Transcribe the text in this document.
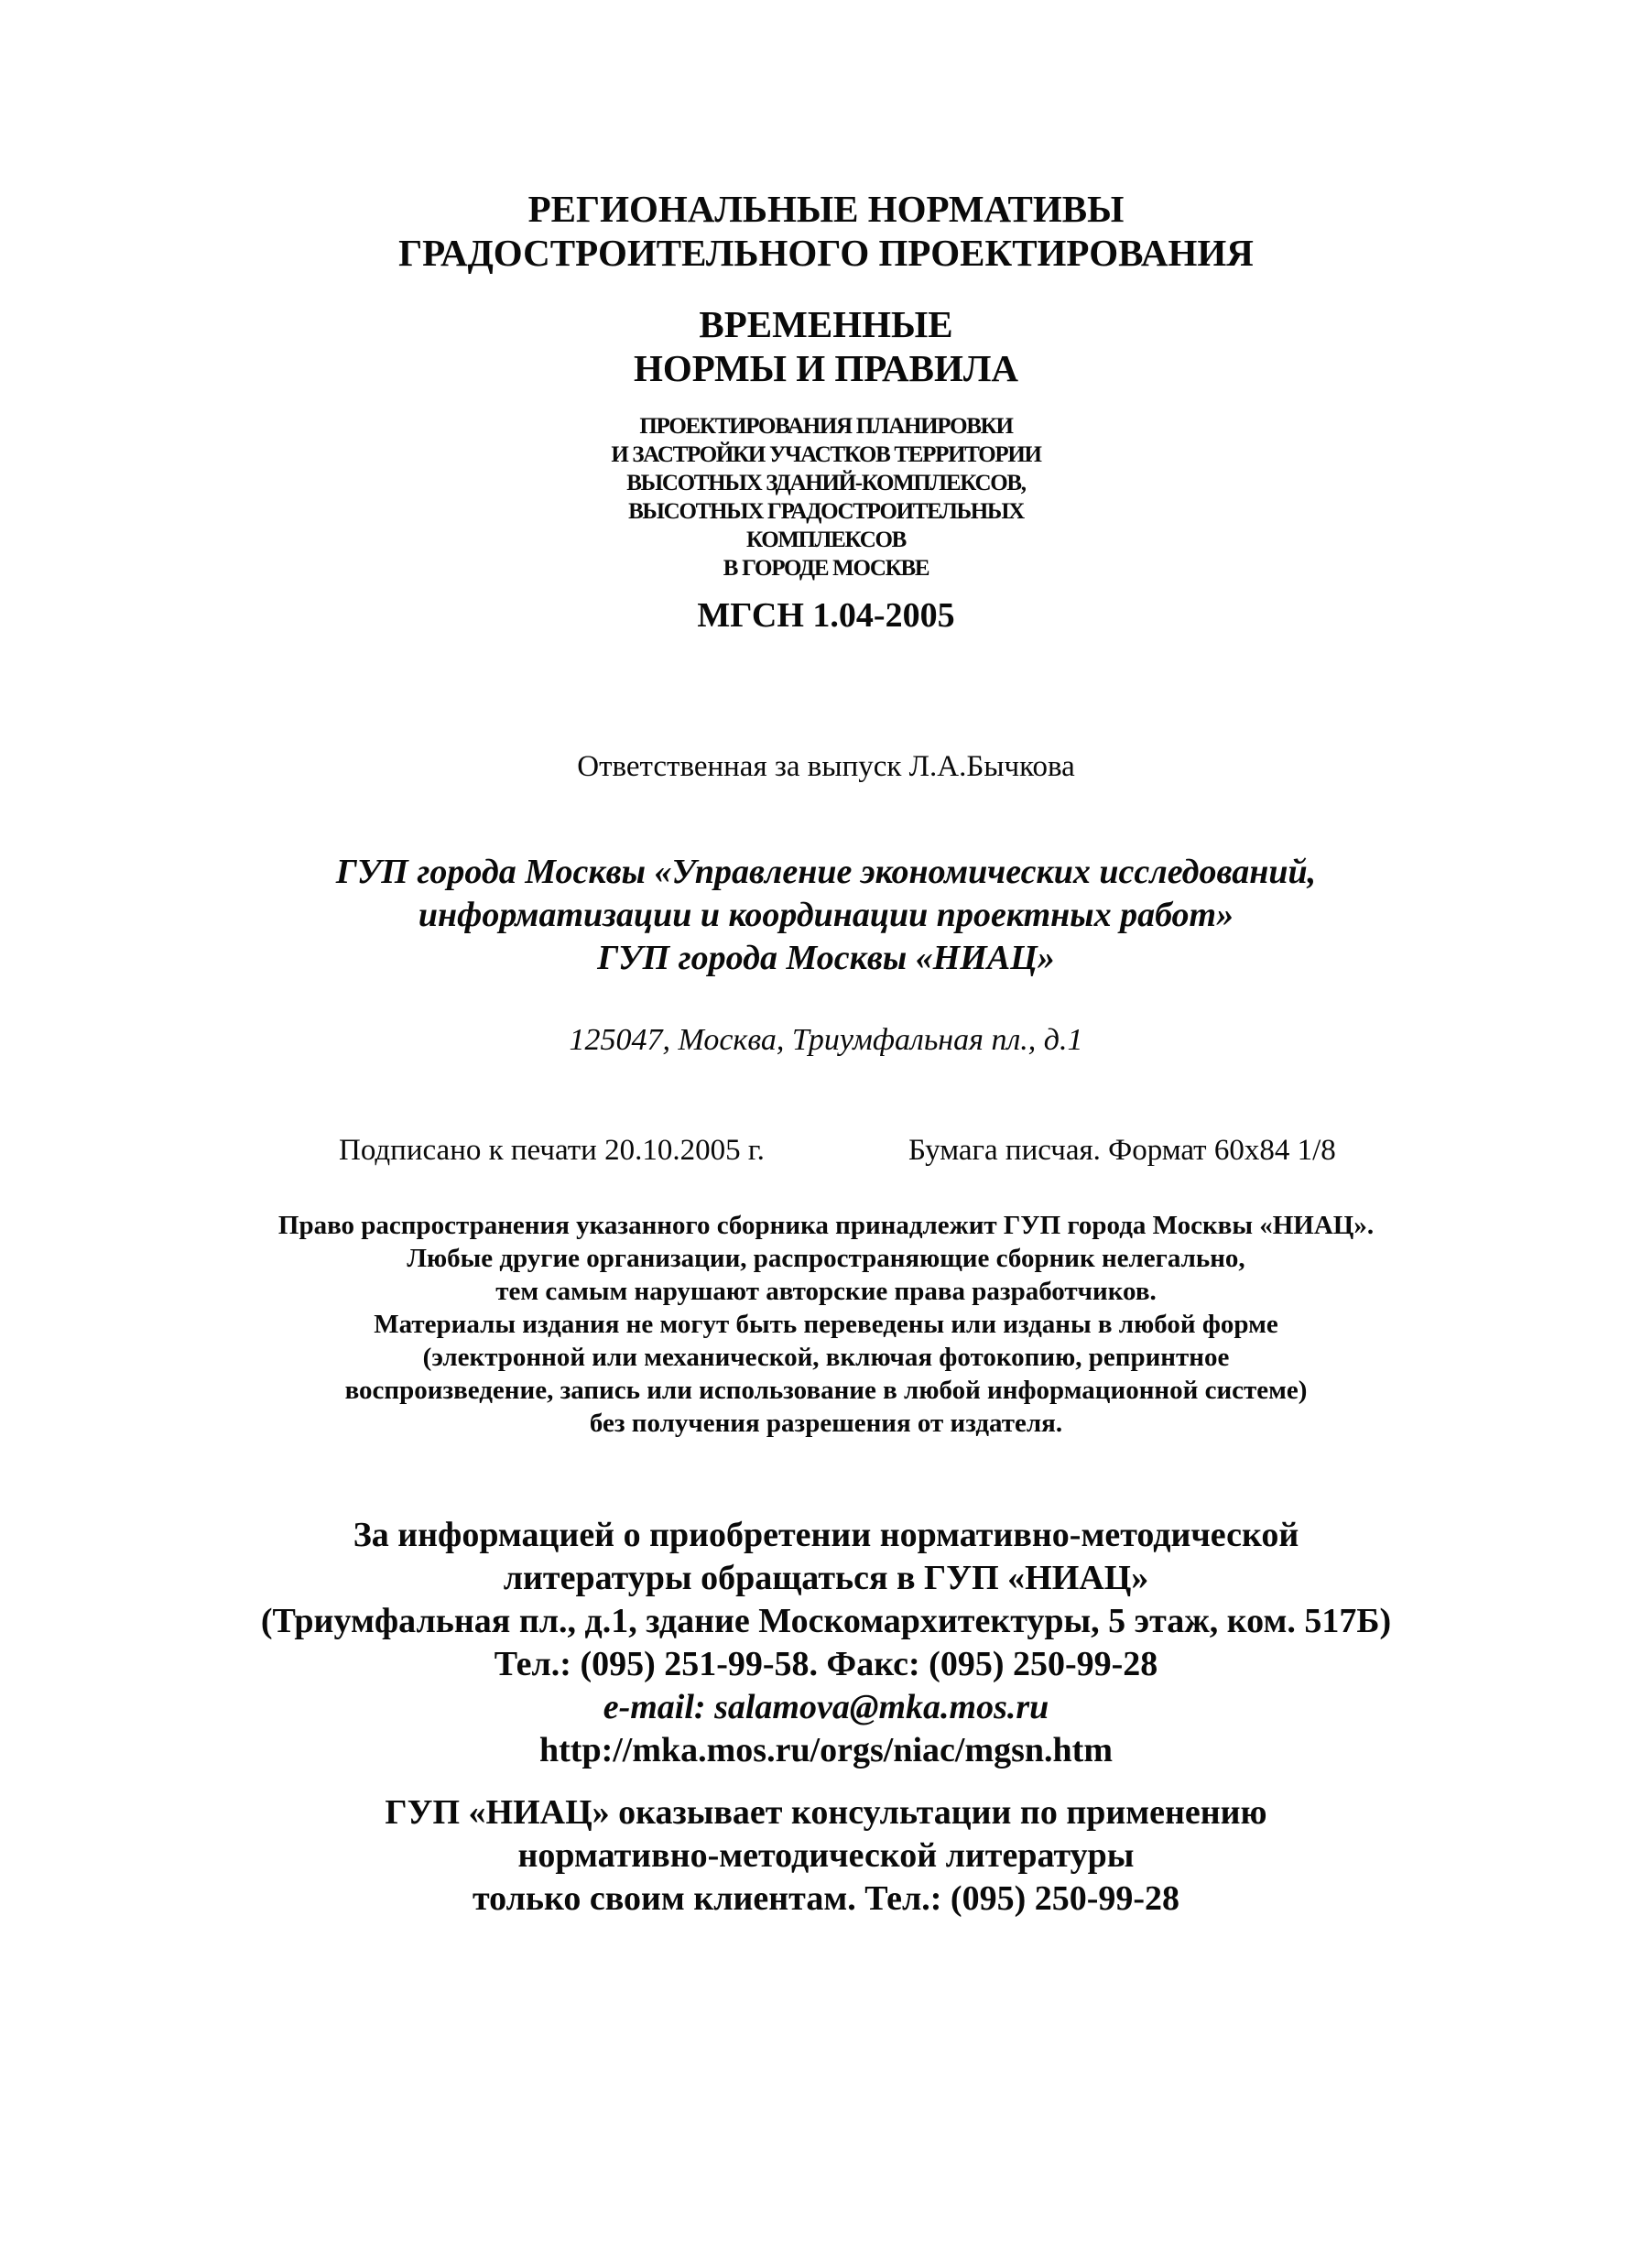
РЕГИОНАЛЬНЫЕ НОРМАТИВЫ
ГРАДОСТРОИТЕЛЬНОГО ПРОЕКТИРОВАНИЯ
ВРЕМЕННЫЕ
НОРМЫ И ПРАВИЛА
ПРОЕКТИРОВАНИЯ ПЛАНИРОВКИ
И ЗАСТРОЙКИ УЧАСТКОВ ТЕРРИТОРИИ
ВЫСОТНЫХ ЗДАНИЙ-КОМПЛЕКСОВ,
ВЫСОТНЫХ ГРАДОСТРОИТЕЛЬНЫХ
КОМПЛЕКСОВ
В ГОРОДЕ МОСКВЕ
МГСН 1.04-2005
Ответственная за выпуск Л.А.Бычкова
ГУП города Москвы «Управление экономических исследований,
информатизации и координации проектных работ»
ГУП города Москвы «НИАЦ»
125047, Москва, Триумфальная пл., д.1
Подписано к печати 20.10.2005 г.	Бумага писчая. Формат 60x84 1/8
Право распространения указанного сборника принадлежит ГУП города Москвы «НИАЦ».
Любые другие организации, распространяющие сборник нелегально,
тем самым нарушают авторские права разработчиков.
Материалы издания не могут быть переведены или изданы в любой форме
(электронной или механической, включая фотокопию, репринтное
воспроизведение, запись или использование в любой информационной системе)
без получения разрешения от издателя.
За информацией о приобретении нормативно-методической
литературы обращаться в ГУП «НИАЦ»
(Триумфальная пл., д.1, здание Москомархитектуры, 5 этаж, ком. 517Б)
Тел.: (095) 251-99-58. Факс: (095) 250-99-28
e-mail: salamova@mka.mos.ru
http://mka.mos.ru/orgs/niac/mgsn.htm
ГУП «НИАЦ» оказывает консультации по применению
нормативно-методической литературы
только своим клиентам. Тел.: (095) 250-99-28
